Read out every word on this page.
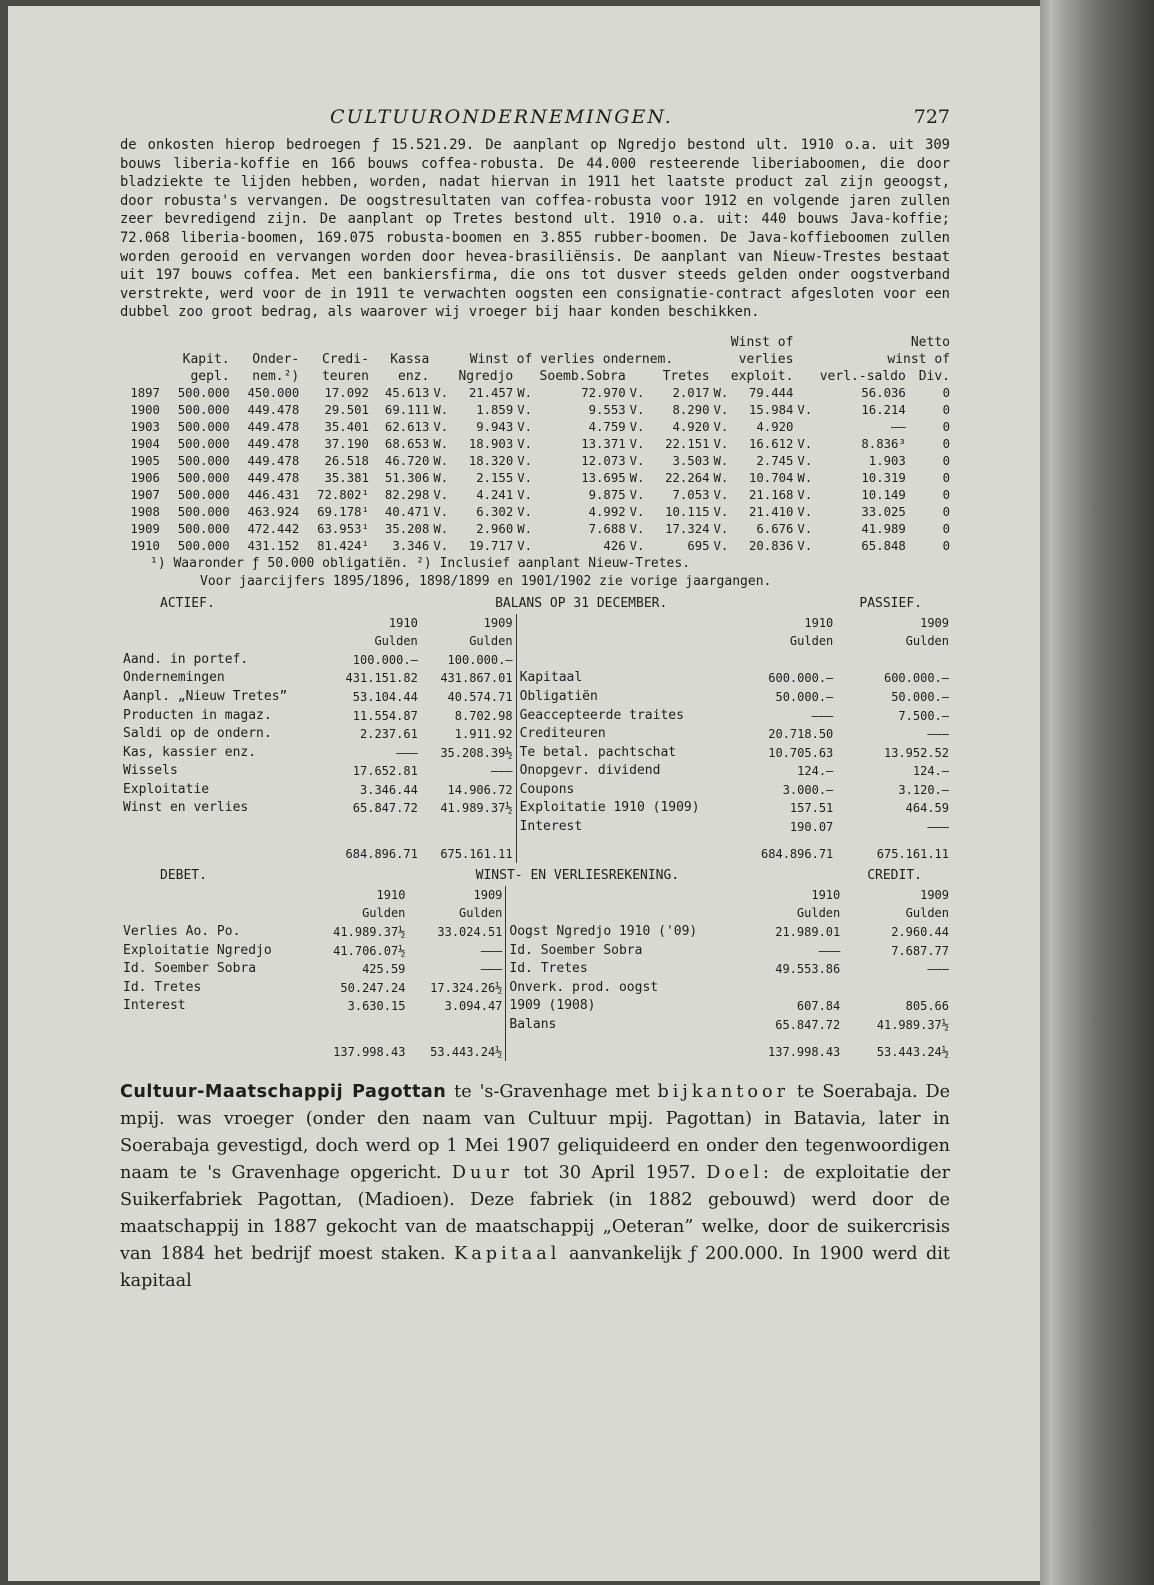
CULTUURONDERNEMINGEN.	727

de onkosten hierop bedroegen ƒ 15.521.29. De aanplant op Ngredjo bestond ult. 1910 o.a. uit 309 bouws liberia-koffie en 166 bouws coffea-robusta. De 44.000 resteerende liberiaboomen, die door bladziekte te lijden hebben, worden, nadat hiervan in 1911 het laatste product zal zijn geoogst, door robusta's vervangen. De oogstresultaten van coffea-robusta voor 1912 en volgende jaren zullen zeer bevredigend zijn. De aanplant op Tretes bestond ult. 1910 o.a. uit: 440 bouws Java-koffie; 72.068 liberia-boomen, 169.075 robusta-boomen en 3.855 rubber-boomen. De Java-koffieboomen zullen worden gerooid en vervangen worden door hevea-brasiliënsis. De aanplant van Nieuw-Trestes bestaat uit 197 bouws coffea. Met een bankiersfirma, die ons tot dusver steeds gelden onder oogstverband verstrekte, werd voor de in 1911 te verwachten oogsten een consignatie-contract afgesloten voor een dubbel zoo groot bedrag, als waarover wij vroeger bij haar konden beschikken.

											Winst of		Netto		
	Kapit.	Onder-	Credi-	Kassa	Winst of verlies ondernem.						verlies		winst of		
	gepl.	nem.²)	teuren	enz.	Ngredjo		Soemb.Sobra		Tretes		exploit.		verl.-saldo		Div.
1897	500.000	450.000	17.092	45.613	V.	21.457	W.	72.970	V.	2.017	W.	79.444		56.036	0
1900	500.000	449.478	29.501	69.111	W.	1.859	V.	9.553	V.	8.290	V.	15.984	V.	16.214	0
1903	500.000	449.478	35.401	62.613	V.	9.943	V.	4.759	V.	4.920	V.	4.920		——	0
1904	500.000	449.478	37.190	68.653	W.	18.903	V.	13.371	V.	22.151	V.	16.612	V.	8.836³	0
1905	500.000	449.478	26.518	46.720	W.	18.320	V.	12.073	V.	3.503	W.	2.745	V.	1.903	0
1906	500.000	449.478	35.381	51.306	W.	2.155	V.	13.695	W.	22.264	W.	10.704	W.	10.319	0
1907	500.000	446.431	72.802¹	82.298	V.	4.241	V.	9.875	V.	7.053	V.	21.168	V.	10.149	0
1908	500.000	463.924	69.178¹	40.471	V.	6.302	V.	4.992	V.	10.115	V.	21.410	V.	33.025	0
1909	500.000	472.442	63.953¹	35.208	W.	2.960	W.	7.688	V.	17.324	V.	6.676	V.	41.989	0
1910	500.000	431.152	81.424¹	3.346	V.	19.717	V.	426	V.	695	V.	20.836	V.	65.848	0
¹) Waaronder ƒ 50.000 obligatiën. ²) Inclusief aanplant Nieuw-Tretes.
Voor jaarcijfers 1895/1896, 1898/1899 en 1901/1902 zie vorige jaargangen.
ACTIEF.	BALANS OP 31 DECEMBER.				PASSIEF.
	1910	1909			1910	1909
	Gulden	Gulden			Gulden	Gulden
Aand. in portef.	100.000.—	100.000.—				
Ondernemingen	431.151.82	431.867.01		Kapitaal	600.000.—	600.000.—
Aanpl. „Nieuw Tretes”	53.104.44	40.574.71		Obligatiën	50.000.—	50.000.—
Producten in magaz.	11.554.87	8.702.98		Geaccepteerde traites	———	7.500.—
Saldi op de ondern.	2.237.61	1.911.92		Crediteuren	20.718.50	———
Kas, kassier enz.	———	35.208.39½		Te betal. pachtschat	10.705.63	13.952.52
Wissels	17.652.81	———		Onopgevr. dividend	124.—	124.—
Exploitatie	3.346.44	14.906.72		Coupons	3.000.—	3.120.—
Winst en verlies	65.847.72	41.989.37½		Exploitatie 1910 (1909)	157.51	464.59
				Interest	190.07	———
	684.896.71	675.161.11			684.896.71	675.161.11
DEBET.	WINST- EN VERLIESREKENING.				CREDIT.
	1910	1909			1910	1909
	Gulden	Gulden			Gulden	Gulden

Verlies Ao. Po.	41.989.37½	33.024.51		Oogst Ngredjo 1910 ('09)	21.989.01	2.960.44
Exploitatie Ngredjo	41.706.07½	———		Id. Soember Sobra	———	7.687.77
Id. Soember Sobra	425.59	———		Id. Tretes	49.553.86	———
Id. Tretes	50.247.24	17.324.26½		Onverk. prod. oogst		
Interest	3.630.15	3.094.47		1909 (1908)	607.84	805.66
				Balans	65.847.72	41.989.37½
	137.998.43	53.443.24½			137.998.43	53.443.24½

Cultuur-Maatschappij Pagottan te 's-Gravenhage met bijkantoor te Soerabaja. De mpij. was vroeger (onder den naam van Cultuur mpij. Pagottan) in Batavia, later in Soerabaja gevestigd, doch werd op 1 Mei 1907 geliquideerd en onder den tegenwoordigen naam te 's Gravenhage opgericht. Duur tot 30 April 1957. Doel: de exploitatie der Suikerfabriek Pagottan, (Madioen). Deze fabriek (in 1882 gebouwd) werd door de maatschappij in 1887 gekocht van de maatschappij „Oeteran” welke, door de suikercrisis van 1884 het bedrijf moest staken. Kapitaal aanvankelijk ƒ 200.000. In 1900 werd dit kapitaal
